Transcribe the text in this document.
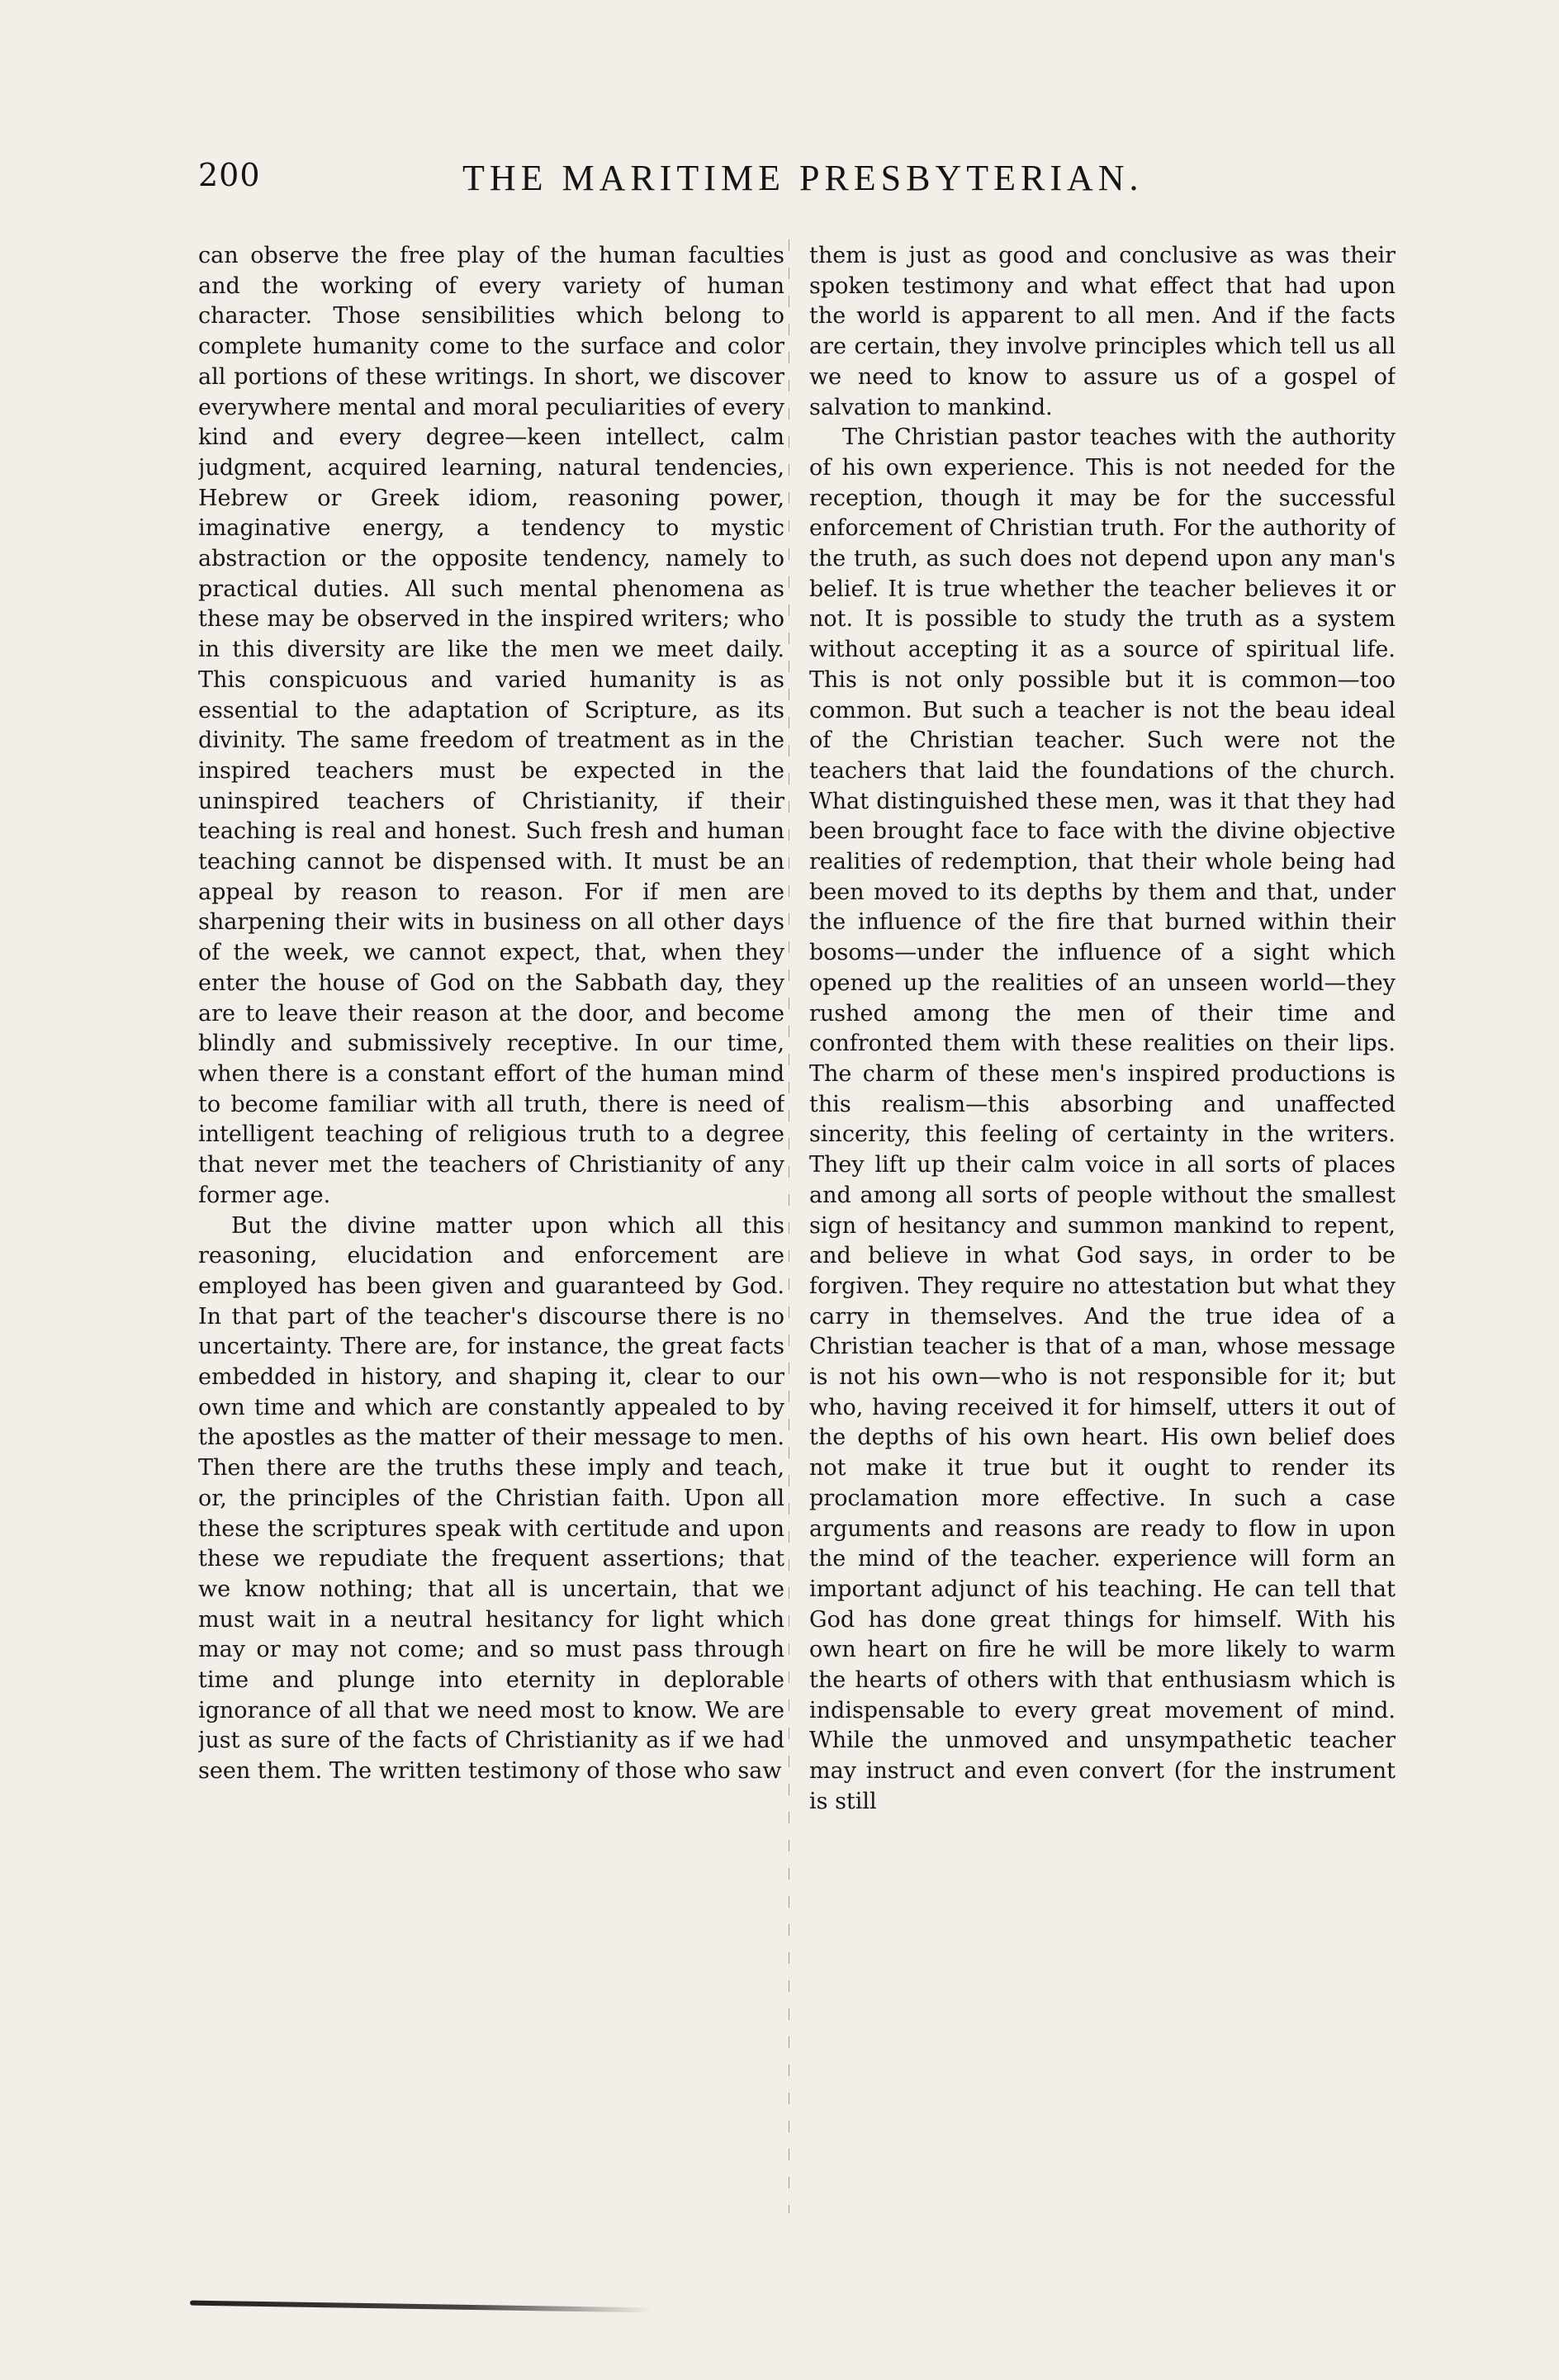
200	THE MARITIME PRESBYTERIAN.

can observe the free play of the human faculties and the working of every variety of human character. Those sensibilities which belong to complete humanity come to the surface and color all portions of these writings. In short, we discover everywhere mental and moral peculiarities of every kind and every degree—keen intellect, calm judgment, acquired learning, natural tendencies, Hebrew or Greek idiom, reasoning power, imaginative energy, a tendency to mystic abstraction or the opposite tendency, namely to practical duties. All such mental phenomena as these may be observed in the inspired writers; who in this diversity are like the men we meet daily. This conspicuous and varied humanity is as essential to the adaptation of Scripture, as its divinity. The same freedom of treatment as in the inspired teachers must be expected in the uninspired teachers of Christianity, if their teaching is real and honest. Such fresh and human teaching cannot be dispensed with. It must be an appeal by reason to reason. For if men are sharpening their wits in business on all other days of the week, we cannot expect, that, when they enter the house of God on the Sabbath day, they are to leave their reason at the door, and become blindly and submissively receptive. In our time, when there is a constant effort of the human mind to become familiar with all truth, there is need of intelligent teaching of religious truth to a degree that never met the teachers of Christianity of any former age.

But the divine matter upon which all this reasoning, elucidation and enforcement are employed has been given and guaranteed by God. In that part of the teacher's discourse there is no uncertainty. There are, for instance, the great facts embedded in history, and shaping it, clear to our own time and which are constantly appealed to by the apostles as the matter of their message to men. Then there are the truths these imply and teach, or, the principles of the Christian faith. Upon all these the scriptures speak with certitude and upon these we repudiate the frequent assertions; that we know nothing; that all is uncertain, that we must wait in a neutral hesitancy for light which may or may not come; and so must pass through time and plunge into eternity in deplorable ignorance of all that we need most to know. We are just as sure of the facts of Christianity as if we had seen them. The written testimony of those who saw

them is just as good and conclusive as was their spoken testimony and what effect that had upon the world is apparent to all men. And if the facts are certain, they involve principles which tell us all we need to know to assure us of a gospel of salvation to mankind.

The Christian pastor teaches with the authority of his own experience. This is not needed for the reception, though it may be for the successful enforcement of Christian truth. For the authority of the truth, as such does not depend upon any man's belief. It is true whether the teacher believes it or not. It is possible to study the truth as a system without accepting it as a source of spiritual life. This is not only possible but it is common—too common. But such a teacher is not the beau ideal of the Christian teacher. Such were not the teachers that laid the foundations of the church. What distinguished these men, was it that they had been brought face to face with the divine objective realities of redemption, that their whole being had been moved to its depths by them and that, under the influence of the fire that burned within their bosoms—under the influence of a sight which opened up the realities of an unseen world—they rushed among the men of their time and confronted them with these realities on their lips. The charm of these men's inspired productions is this realism—this absorbing and unaffected sincerity, this feeling of certainty in the writers. They lift up their calm voice in all sorts of places and among all sorts of people without the smallest sign of hesitancy and summon mankind to repent, and believe in what God says, in order to be forgiven. They require no attestation but what they carry in themselves. And the true idea of a Christian teacher is that of a man, whose message is not his own—who is not responsible for it; but who, having received it for himself, utters it out of the depths of his own heart. His own belief does not make it true but it ought to render its proclamation more effective. In such a case arguments and reasons are ready to flow in upon the mind of the teacher. experience will form an important adjunct of his teaching. He can tell that God has done great things for himself. With his own heart on fire he will be more likely to warm the hearts of others with that enthusiasm which is indispensable to every great movement of mind. While the unmoved and unsympathetic teacher may instruct and even convert (for the instrument is still
